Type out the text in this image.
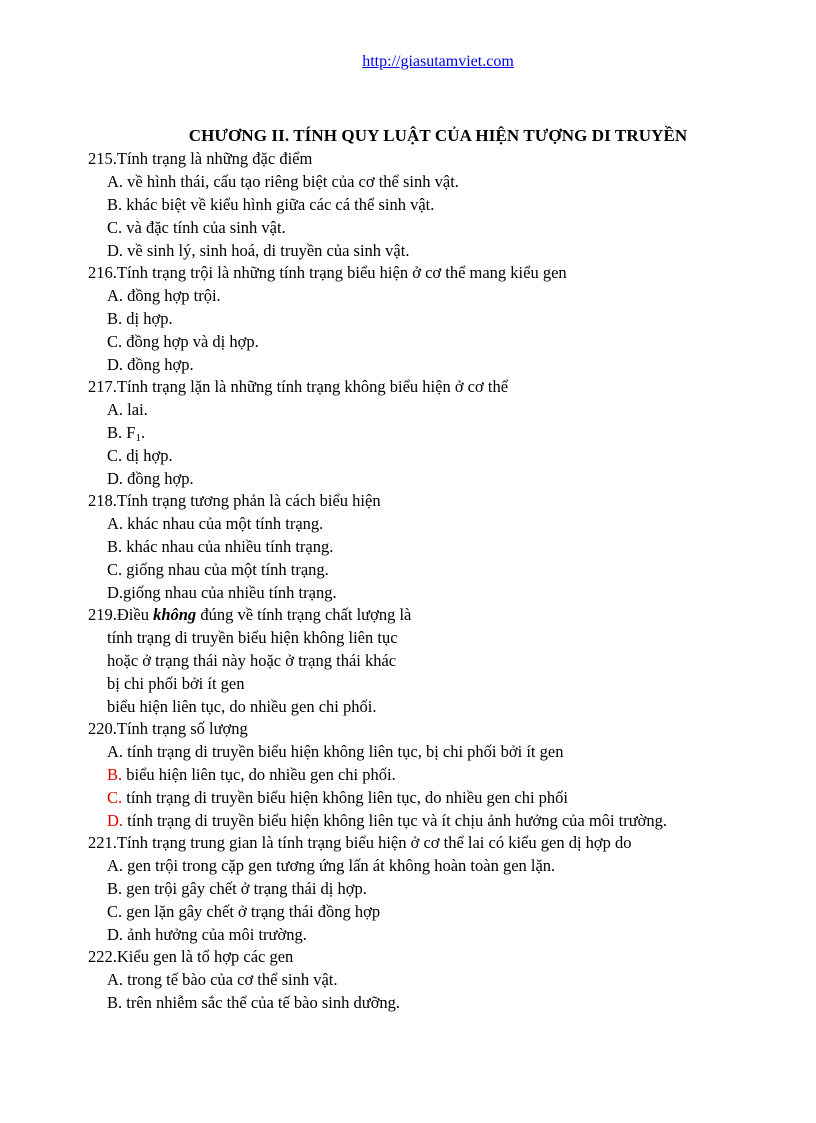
http://giasutamviet.com
CHƯƠNG II. TÍNH QUY LUẬT CỦA HIỆN TƯỢNG DI TRUYỀN
215.Tính trạng là những đặc điểm
A. về hình thái, cấu tạo riêng biệt của cơ thể sinh vật.
B. khác biệt về kiểu hình giữa các cá thể sinh vật.
C. và đặc tính của sinh vật.
D. về sinh lý, sinh hoá, di truyền của sinh vật.
216.Tính trạng trội là những tính trạng biểu hiện ở cơ thể mang kiểu gen
A. đồng hợp trội.
B. dị hợp.
C. đồng hợp và dị hợp.
D. đồng hợp.
217.Tính trạng lặn là những tính trạng không biểu hiện ở cơ thể
A. lai.
B. $F_1$.
C. dị hợp.
D. đồng hợp.
218.Tính trạng tương phản là cách biểu hiện
A. khác nhau của một tính trạng.
B. khác nhau của nhiều tính trạng.
C. giống nhau của một tính trạng.
D.giống nhau của nhiều tính trạng.
219.Điều không đúng về tính trạng chất lượng là
tính trạng di truyền biểu hiện không liên tục
hoặc ở trạng thái này hoặc ở trạng thái khác
bị chi phối bởi ít gen
biểu hiện liên tục, do nhiều gen chi phối.
220.Tính trạng số lượng
A. tính trạng di truyền biểu hiện không liên tục, bị chi phối bởi ít gen
B. biểu hiện liên tục, do nhiều gen chi phối.
C. tính trạng di truyền biểu hiện không liên tục, do nhiều gen chi phối
D. tính trạng di truyền biểu hiện không liên tục và ít chịu ảnh hưởng của môi trường.
221.Tính trạng trung gian là tính trạng biểu hiện ở cơ thể lai có kiểu gen dị hợp do
A. gen trội trong cặp gen tương ứng lấn át không hoàn toàn gen lặn.
B. gen trội gây chết ở trạng thái dị hợp.
C. gen lặn gây chết ở trạng thái đồng hợp
D. ảnh hưởng của môi trường.
222.Kiểu gen là tổ hợp các gen
A. trong tế bào của cơ thể sinh vật.
B. trên nhiễm sắc thể của tế bào sinh dưỡng.
